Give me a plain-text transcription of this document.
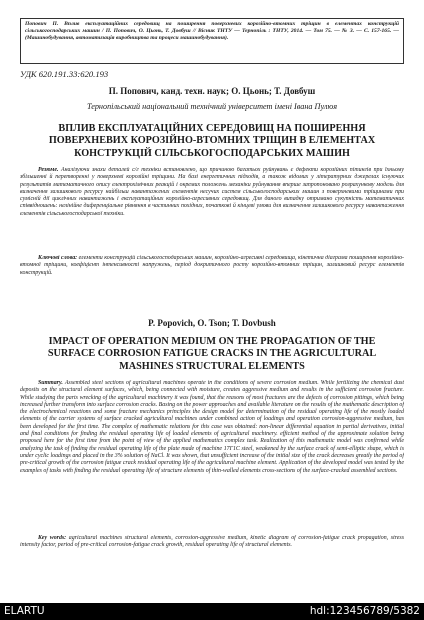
Попович П. Вплив експлуатаційних середовищ на поширення поверхневих корозійно-втомних тріщин в елементах конструкцій сільськогосподарських машин / П. Попович, О. Цьонь, Т. Довбуш // Вісник ТНТУ — Тернопіль : ТНТУ, 2014. — Том 75. — № 3. — С. 157-165. — (Машинобудування, автоматизація виробництва та процеси машинобудування).
УДК 620.191.33:620.193
П. Попович, канд. техн. наук; О. Цьонь; Т. Довбуш
Тернопільський національний технічний університет імені Івана Пулюя
ВПЛИВ ЕКСПЛУАТАЦІЙНИХ СЕРЕДОВИЩ НА ПОШИРЕННЯ ПОВЕРХНЕВИХ КОРОЗІЙНО-ВТОМНИХ ТРІЩИН В ЕЛЕМЕНТАХ КОНСТРУКЦІЙ СІЛЬСЬКОГОСПОДАРСЬКИХ МАШИН
Резюме. Аналізуючи знахи деталей с/г техніки встановлено, що причиною багатьох руйнувань є дефекти корозійних пітингів при їхньому збільшенні й перетворенні у поверхневі корозійні тріщини. На базі енергетичних підходів, а також відомих у літературних джерелах існуючих результатів математичного опису електрохімічних реакцій і окремих положень механіки руйнування вперше запропоновано розрахункову модель для визначення залишкового ресурсу найбільш навантажених елементів несучих систем сільськогосподарських машин з поверхневими тріщинами при сумісній дії циклічних навантажень і експлуатаційних корозійно-агресивних середовищ. Для даного випадку отримано сукупність математичних співвідношень: нелінійне диференціальне рівняння в частинних похідних, початкові й кінцеві умови для визначення залишкового ресурсу навантаження елементів сільськогосподарської техніки.
Ключові слова: елементи конструкцій сільськогосподарських машин, корозійно-агресивні середовища, кінетична діаграма поширення корозійно-втомної тріщини, коефіцієнт інтенсивності напружень, період докритичного росту корозійно-втомних тріщин, залишковий ресурс елементів конструкцій.
P. Popovich, O. Tson; T. Dovbush
IMPACT OF OPERATION MEDIUM ON THE PROPAGATION OF THE SURFACE CORROSION FATIGUE CRACKS IN THE AGRICULTURAL MASHINES STRUCTURAL ELEMENTS
Summary. Assembled steel sections of agricultural machines operate in the conditions of severe corrosion medium. While fertilizing the chemical dust deposits on the structural element surfaces, which, being connected with moisture, creates aggressive medium and results in the sufficient corrosion fracture. While studying the parts wrecking of the agricultural machinery it was found, that the reasons of most fractures are the defects of corrosion pittings, which being increased further transform into surface corrosion cracks. Basing on the power approaches and available literature on the results of the mathematic description of the electrochemical reactions and some fracture mechanics principles the design model for determination of the residual operating life of the mostly loaded elements of the carrier systems of surface cracked agricultural machines under combined action of loadings and operation corrosion-aggressive medium, has been developed for the first time. The complex of mathematic relations for this case was obtained: non-linear differential equation in partial derivatives, initial and final conditions for finding the residual operating life of loaded elements of agricultural machinery. efficient method of the approximate solution being proposed here for the first time from the point of view of the applied mathematics complex task. Realization of this mathematic model was confirmed while analyzing the task of finding the residual operating life of the plate made of machine 17Г1С steel, weakened by the surface crack of semi-elliptic shape, which is under cyclic loadings and placed in the 3% solution of NaCl. It was shown, that unsufficient increase of the initial size of the crack decreases greatly the period of pre-critical growth of the corrosion fatigue crack residual operating life of the agricultural machine element. Application of the developed model was tested by the examples of tasks with finding the residual operating life of structure elements of thin-walled elements cross-sections of the surface-cracked assembled sections.
Key words: agricultural machines structural elements, corrosion-aggressive medium, kinetic diagram of corrosion-fatigue crack propagation, stress intensity factor, period of pre-critical corrosion-fatigue crack growth, residual operating life of structural elements.
ELARTU	hdl:123456789/5382
